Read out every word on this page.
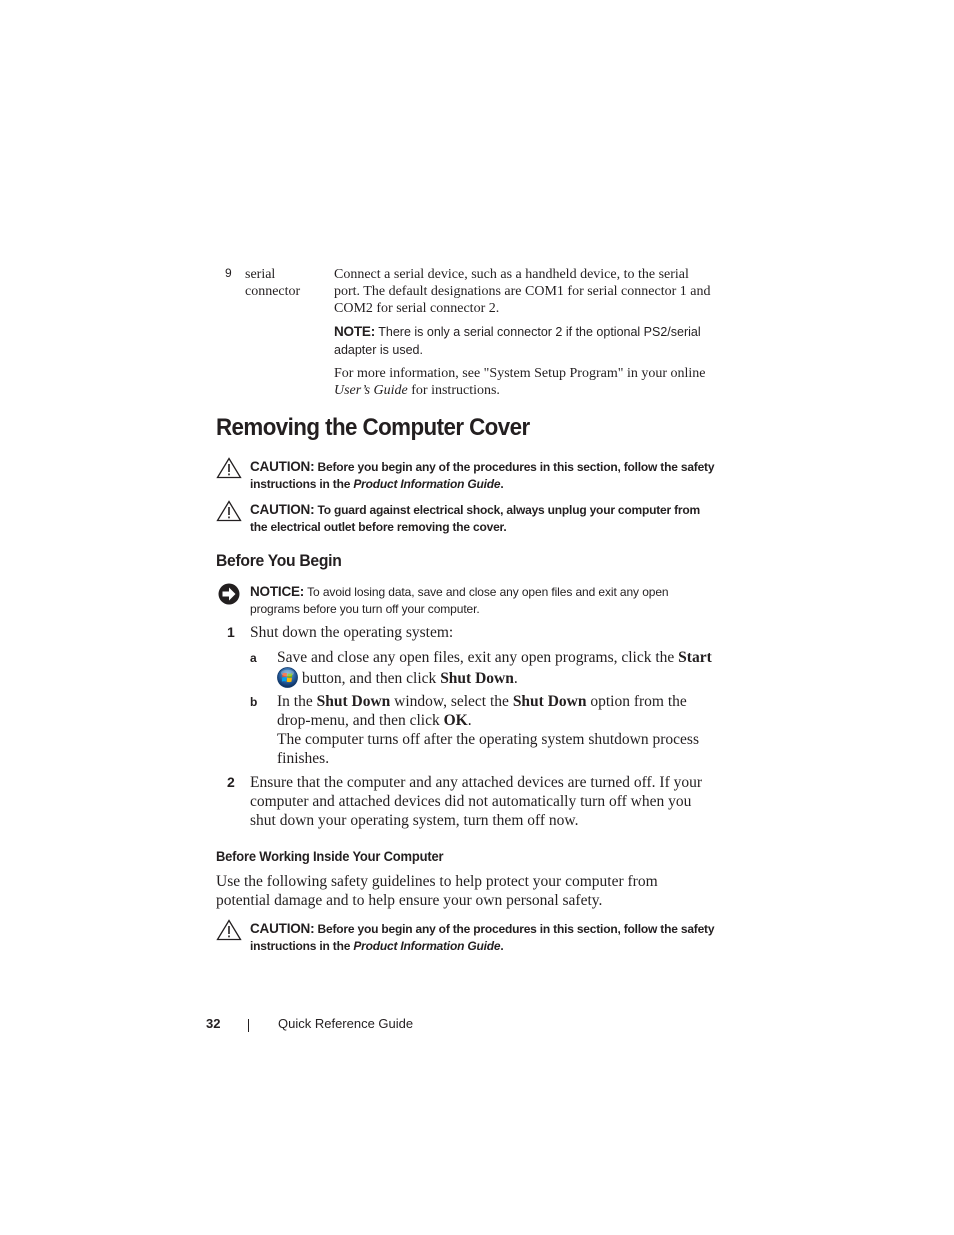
9 serial connector

Connect a serial device, such as a handheld device, to the serial port. The default designations are COM1 for serial connector 1 and COM2 for serial connector 2.

NOTE: There is only a serial connector 2 if the optional PS2/serial adapter is used.

For more information, see "System Setup Program" in your online User’s Guide for instructions.

Removing the Computer Cover
CAUTION: Before you begin any of the procedures in this section, follow the safety instructions in the Product Information Guide.
CAUTION: To guard against electrical shock, always unplug your computer from the electrical outlet before removing the cover.
Before You Begin
NOTICE: To avoid losing data, save and close any open files and exit any open programs before you turn off your computer.
1 Shut down the operating system:
a Save and close any open files, exit any open programs, click the Start
button, and then click Shut Down.
b In the Shut Down window, select the Shut Down option from the drop-menu, and then click OK.
The computer turns off after the operating system shutdown process finishes.
2 Ensure that the computer and any attached devices are turned off. If your computer and attached devices did not automatically turn off when you shut down your operating system, turn them off now.
Before Working Inside Your Computer
Use the following safety guidelines to help protect your computer from potential damage and to help ensure your own personal safety.
CAUTION: Before you begin any of the procedures in this section, follow the safety instructions in the Product Information Guide.
32	Quick Reference Guide
